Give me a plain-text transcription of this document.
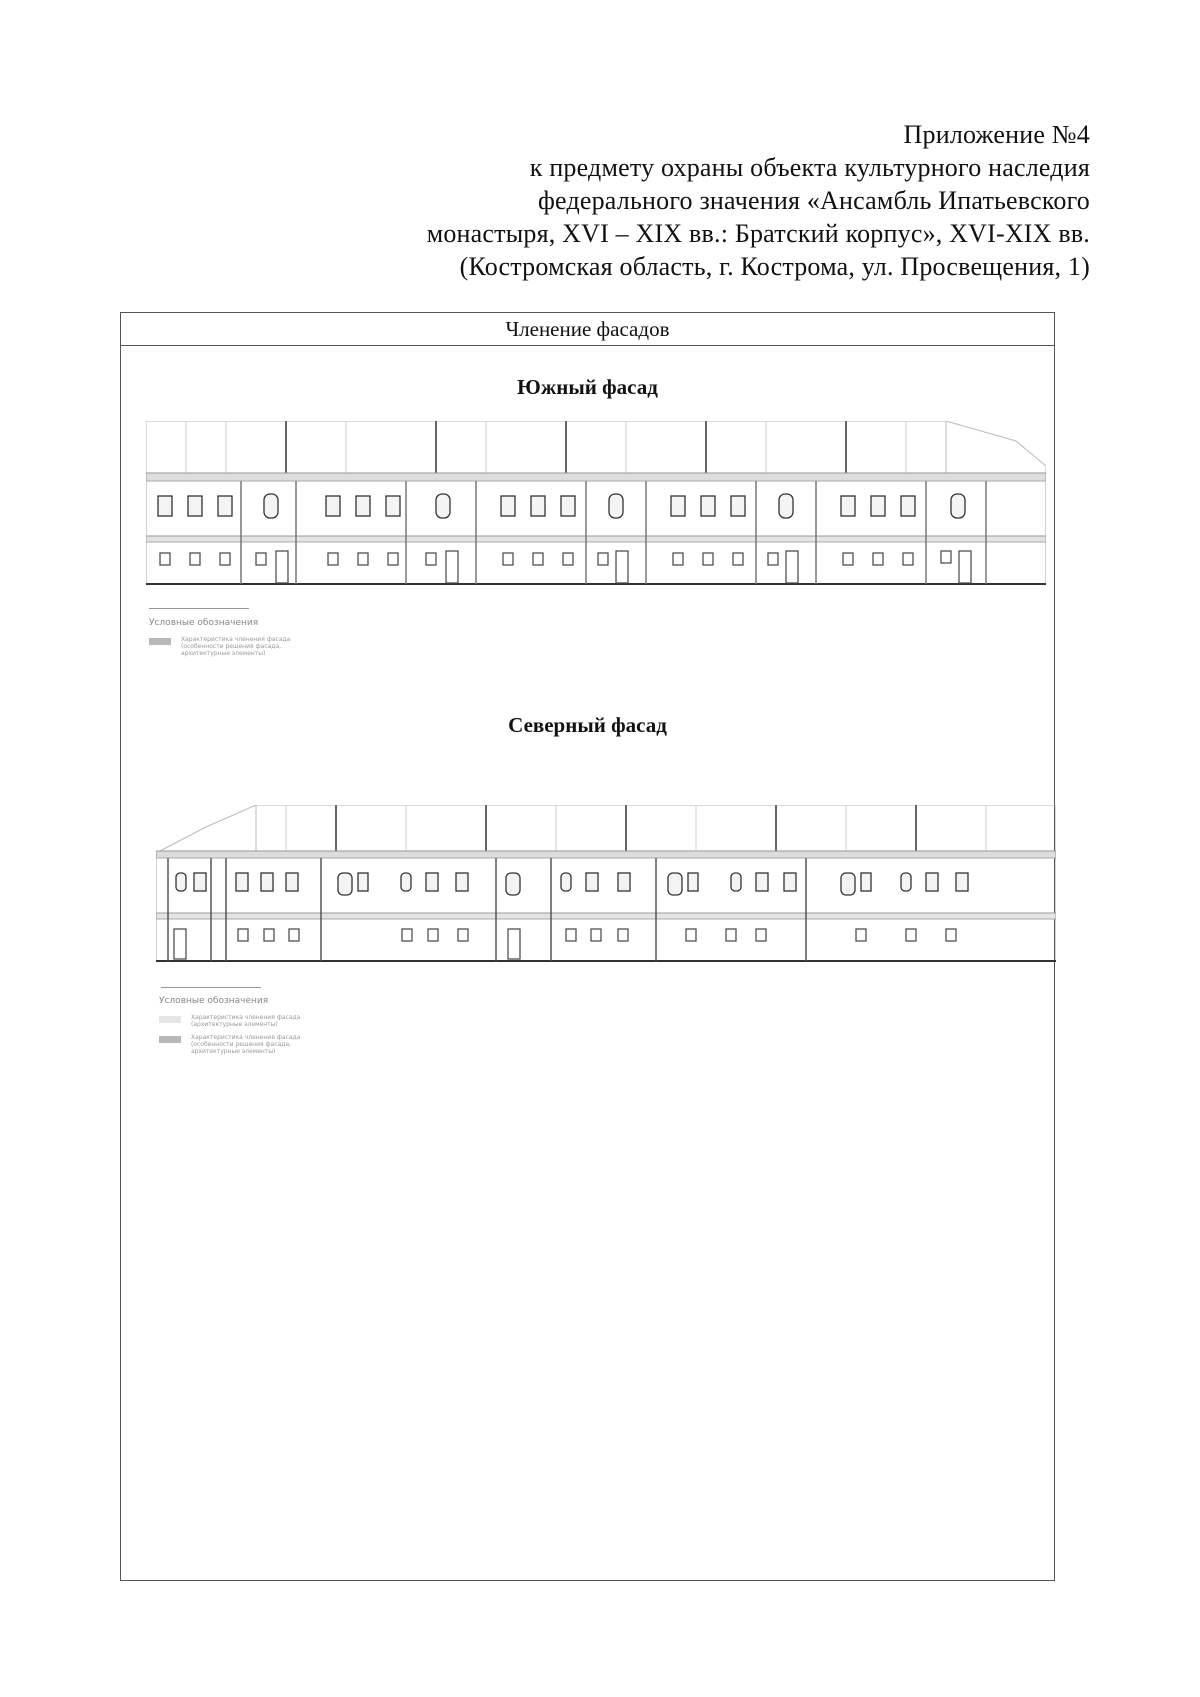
Приложение №4
к предмету охраны объекта культурного наследия
федерального значения «Ансамбль Ипатьевского
монастыря, XVI – XIX вв.: Братский корпус», XVI-XIX вв.
(Костромская область, г. Кострома, ул. Просвещения, 1)
Членение фасадов
Южный фасад
Условные обозначения
Характеристика членения фасада (особенности решения фасада, архитектурные элементы)
Северный фасад
Условные обозначения
Характеристика членения фасада (архитектурные элементы)
Характеристика членения фасада (особенности решения фасада, архитектурные элементы)
